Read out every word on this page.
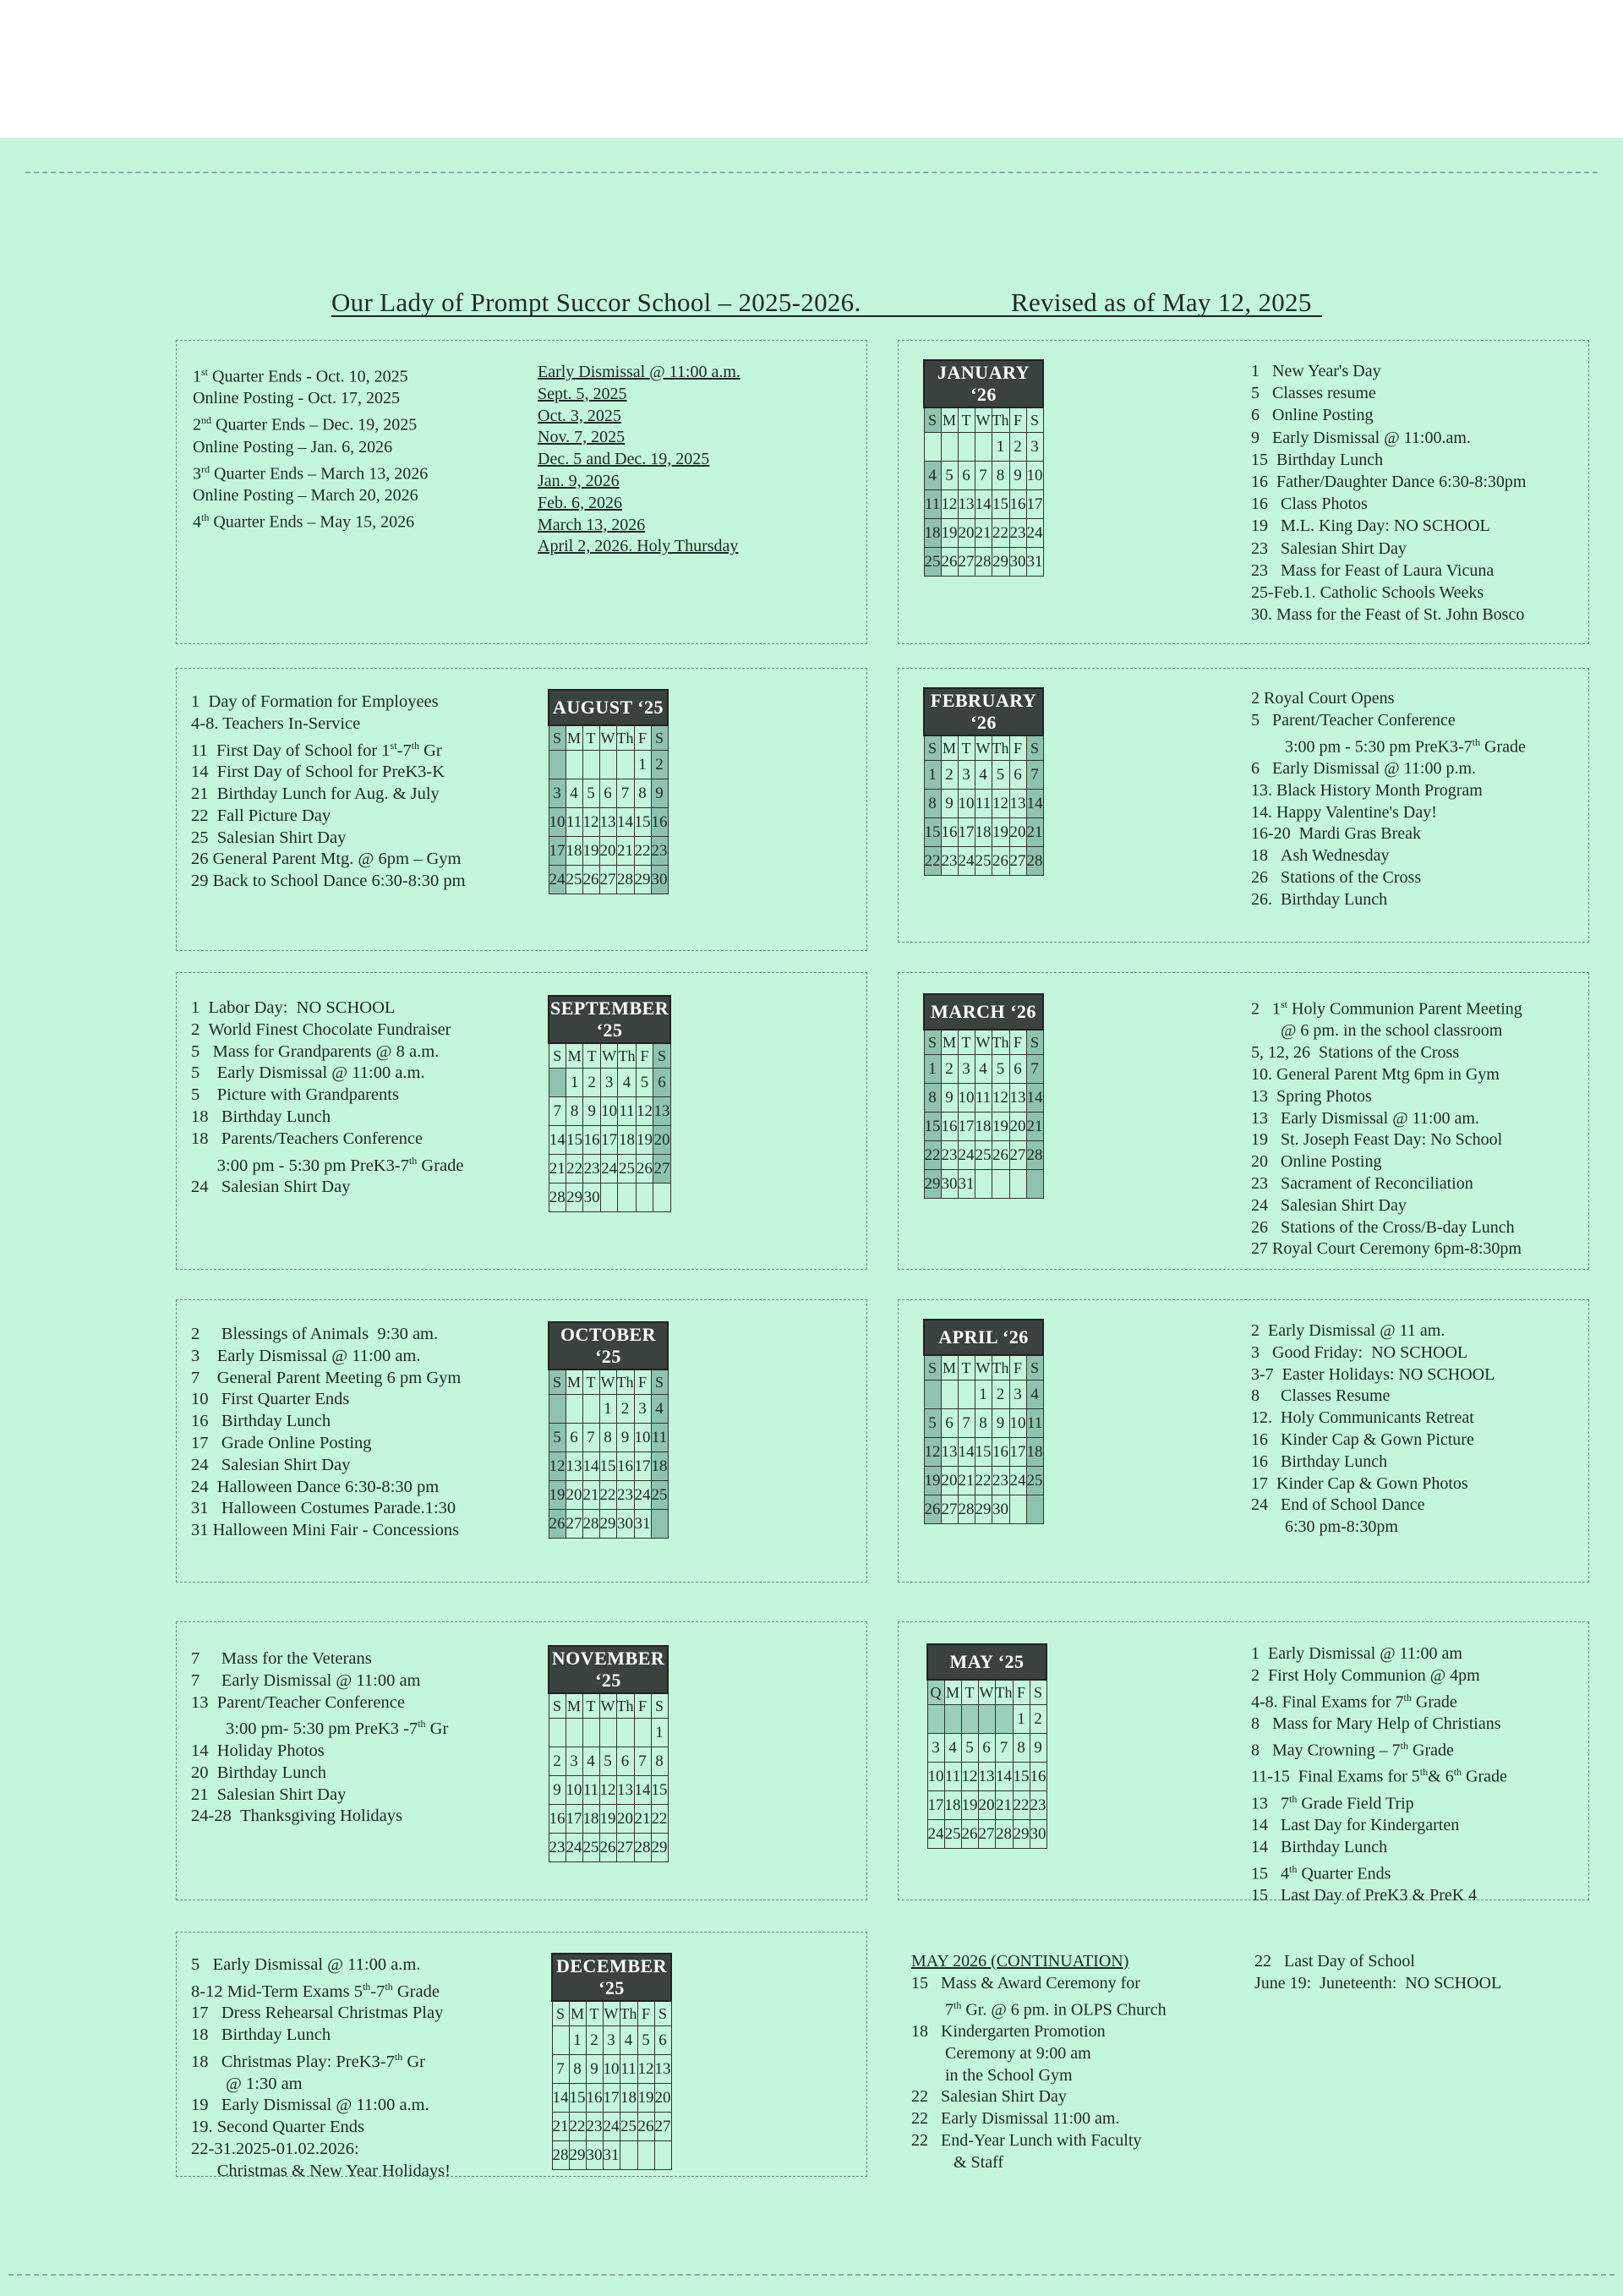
Our Lady of Prompt Succor School – 2025-2026.	Revised as of May 12, 2025
1st Quarter Ends - Oct. 10, 2025
Online Posting - Oct. 17, 2025
2nd Quarter Ends – Dec. 19, 2025
Online Posting – Jan. 6, 2026
3rd Quarter Ends – March 13, 2026
Online Posting – March 20, 2026
4th Quarter Ends – May 15, 2026
Early Dismissal @ 11:00 a.m.
Sept. 5, 2025
Oct. 3, 2025
Nov. 7, 2025
Dec. 5 and Dec. 19, 2025
Jan. 9, 2026
Feb. 6, 2026
March 13, 2026
April 2, 2026. Holy Thursday
AUGUST ‘25						
S	M	T	W	Th	F	S
					1	2
3	4	5	6	7	8	9
10	11	12	13	14	15	16
17	18	19	20	21	22	23
24	25	26	27	28	29	30
SEPTEMBER ‘25						
S	M	T	W	Th	F	S
	1	2	3	4	5	6
7	8	9	10	11	12	13
14	15	16	17	18	19	20
21	22	23	24	25	26	27
28	29	30				
OCTOBER ‘25						
S	M	T	W	Th	F	S
			1	2	3	4
5	6	7	8	9	10	11
12	13	14	15	16	17	18
19	20	21	22	23	24	25
26	27	28	29	30	31	
NOVEMBER ‘25						
S	M	T	W	Th	F	S
						1
2	3	4	5	6	7	8
9	10	11	12	13	14	15
16	17	18	19	20	21	22
23	24	25	26	27	28	29
DECEMBER ‘25						
S	M	T	W	Th	F	S
	1	2	3	4	5	6
7	8	9	10	11	12	13
14	15	16	17	18	19	20
21	22	23	24	25	26	27
28	29	30	31			
JANUARY ‘26						
S	M	T	W	Th	F	S
				1	2	3
4	5	6	7	8	9	10
11	12	13	14	15	16	17
18	19	20	21	22	23	24
25	26	27	28	29	30	31
FEBRUARY ‘26						
S	M	T	W	Th	F	S
1	2	3	4	5	6	7
8	9	10	11	12	13	14
15	16	17	18	19	20	21
22	23	24	25	26	27	28
MARCH ‘26						
S	M	T	W	Th	F	S
1	2	3	4	5	6	7
8	9	10	11	12	13	14
15	16	17	18	19	20	21
22	23	24	25	26	27	28
29	30	31				
APRIL ‘26						
S	M	T	W	Th	F	S
			1	2	3	4
5	6	7	8	9	10	11
12	13	14	15	16	17	18
19	20	21	22	23	24	25
26	27	28	29	30		
MAY ‘25						
Q	M	T	W	Th	F	S
					1	2
3	4	5	6	7	8	9
10	11	12	13	14	15	16
17	18	19	20	21	22	23
24	25	26	27	28	29	30
1  Day of Formation for Employees
4-8. Teachers In-Service
11  First Day of School for 1st-7th Gr
14  First Day of School for PreK3-K
21  Birthday Lunch for Aug. & July
22  Fall Picture Day
25  Salesian Shirt Day
26 General Parent Mtg. @ 6pm – Gym
29 Back to School Dance 6:30-8:30 pm
1  Labor Day:  NO SCHOOL
2  World Finest Chocolate Fundraiser
5   Mass for Grandparents @ 8 a.m.
5    Early Dismissal @ 11:00 a.m.
5    Picture with Grandparents
18   Birthday Lunch
18   Parents/Teachers Conference
3:00 pm - 5:30 pm PreK3-7th Grade
24   Salesian Shirt Day
2     Blessings of Animals  9:30 am.
3    Early Dismissal @ 11:00 am.
7    General Parent Meeting 6 pm Gym
10   First Quarter Ends
16   Birthday Lunch
17   Grade Online Posting
24   Salesian Shirt Day
24  Halloween Dance 6:30-8:30 pm
31   Halloween Costumes Parade.1:30
31 Halloween Mini Fair - Concessions
7     Mass for the Veterans
7     Early Dismissal @ 11:00 am
13  Parent/Teacher Conference
3:00 pm- 5:30 pm PreK3 -7th Gr
14  Holiday Photos
20  Birthday Lunch
21  Salesian Shirt Day
24-28  Thanksgiving Holidays
5   Early Dismissal @ 11:00 a.m.
8-12 Mid-Term Exams 5th-7th Grade
17   Dress Rehearsal Christmas Play
18   Birthday Lunch
18   Christmas Play: PreK3-7th Gr
@ 1:30 am
19   Early Dismissal @ 11:00 a.m.
19. Second Quarter Ends
22-31.2025-01.02.2026:
Christmas & New Year Holidays!
1   New Year's Day
5   Classes resume
6   Online Posting
9   Early Dismissal @ 11:00.am.
15  Birthday Lunch
16  Father/Daughter Dance 6:30-8:30pm
16   Class Photos
19   M.L. King Day: NO SCHOOL
23   Salesian Shirt Day
23   Mass for Feast of Laura Vicuna
25-Feb.1. Catholic Schools Weeks
30. Mass for the Feast of St. John Bosco
2 Royal Court Opens
5   Parent/Teacher Conference
3:00 pm - 5:30 pm PreK3-7th Grade
6   Early Dismissal @ 11:00 p.m.
13. Black History Month Program
14. Happy Valentine's Day!
16-20  Mardi Gras Break
18   Ash Wednesday
26   Stations of the Cross
26.  Birthday Lunch
2   1st Holy Communion Parent Meeting
@ 6 pm. in the school classroom
5, 12, 26  Stations of the Cross
10. General Parent Mtg 6pm in Gym
13  Spring Photos
13   Early Dismissal @ 11:00 am.
19   St. Joseph Feast Day: No School
20   Online Posting
23   Sacrament of Reconciliation
24   Salesian Shirt Day
26   Stations of the Cross/B-day Lunch
27 Royal Court Ceremony 6pm-8:30pm
2  Early Dismissal @ 11 am.
3   Good Friday:  NO SCHOOL
3-7  Easter Holidays: NO SCHOOL
8     Classes Resume
12.  Holy Communicants Retreat
16   Kinder Cap & Gown Picture
16   Birthday Lunch
17  Kinder Cap & Gown Photos
24   End of School Dance
6:30 pm-8:30pm
1  Early Dismissal @ 11:00 am
2  First Holy Communion @ 4pm
4-8. Final Exams for 7th Grade
8   Mass for Mary Help of Christians
8   May Crowning – 7th Grade
11-15  Final Exams for 5th& 6th Grade
13   7th Grade Field Trip
14   Last Day for Kindergarten
14   Birthday Lunch
15   4th Quarter Ends
15   Last Day of PreK3 & PreK 4
MAY 2026 (CONTINUATION)
15   Mass & Award Ceremony for
7th Gr. @ 6 pm. in OLPS Church
18   Kindergarten Promotion
Ceremony at 9:00 am
in the School Gym
22   Salesian Shirt Day
22   Early Dismissal 11:00 am.
22   End-Year Lunch with Faculty
& Staff
22   Last Day of School
June 19:  Juneteenth:  NO SCHOOL
